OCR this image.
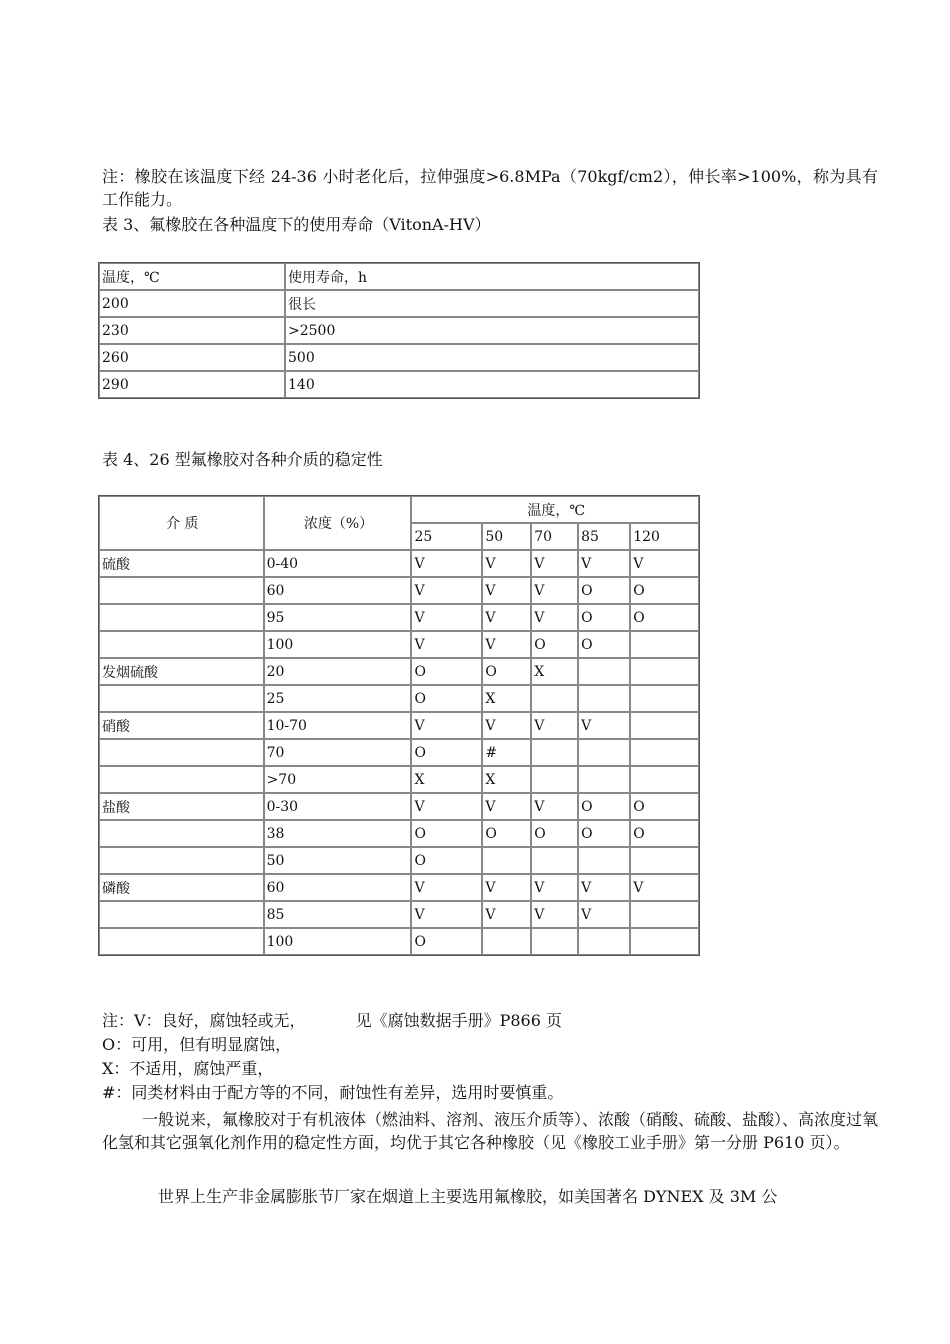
注：橡胶在该温度下经 24-36 小时老化后，拉伸强度>6.8MPa（70kgf/cm2），伸长率>100%，称为具有工作能力。
表 3、氟橡胶在各种温度下的使用寿命（VitonA-HV）
温度，℃	使用寿命，h
200	很长
230	>2500
260	500
290	140
表 4、26 型氟橡胶对各种介质的稳定性
介 质	浓度（%）	温度，℃				
		25	50	70	85	120
硫酸	0-40	V	V	V	V	V
	60	V	V	V	O	O
	95	V	V	V	O	O
	100	V	V	O	O	
发烟硫酸	20	O	O	X		
	25	O	X			
硝酸	10-70	V	V	V	V	
	70	O	#			
	>70	X	X			
盐酸	0-30	V	V	V	O	O
	38	O	O	O	O	O
	50	O				
磷酸	60	V	V	V	V	V
	85	V	V	V	V	
	100	O				
注：V：良好，腐蚀轻或无，	见《腐蚀数据手册》P866 页
O：可用，但有明显腐蚀，
X：不适用，腐蚀严重，
#：同类材料由于配方等的不同，耐蚀性有差异，选用时要慎重。
一般说来，氟橡胶对于有机液体（燃油料、溶剂、液压介质等）、浓酸（硝酸、硫酸、盐酸）、高浓度过氧化氢和其它强氧化剂作用的稳定性方面，均优于其它各种橡胶（见《橡胶工业手册》第一分册 P610 页）。
世界上生产非金属膨胀节厂家在烟道上主要选用氟橡胶，如美国著名 DYNEX 及 3M 公
